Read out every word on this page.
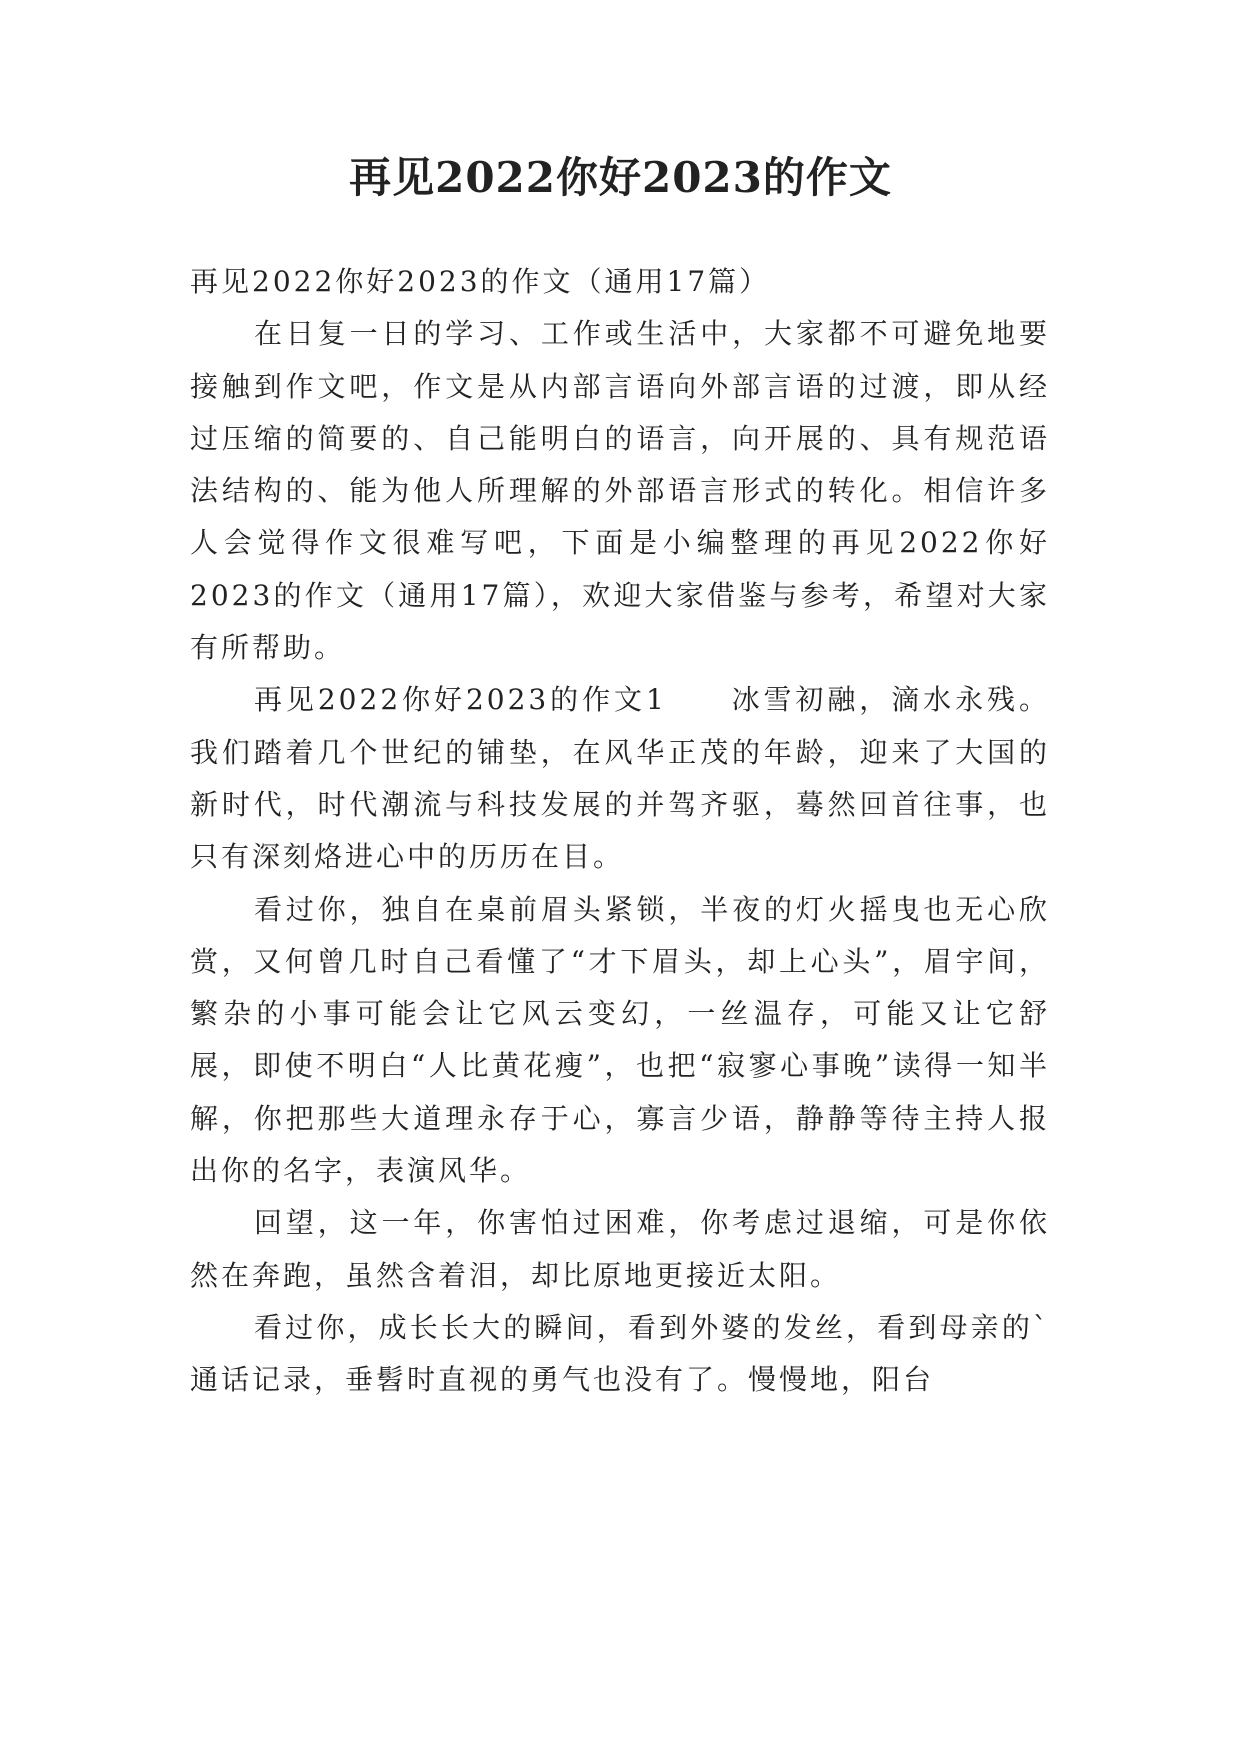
再见2022你好2023的作文

再见2022你好2023的作文（通用17篇）

在日复一日的学习、工作或生活中，大家都不可避免地要接触到作文吧，作文是从内部言语向外部言语的过渡，即从经过压缩的简要的、自己能明白的语言，向开展的、具有规范语法结构的、能为他人所理解的外部语言形式的转化。相信许多人会觉得作文很难写吧，下面是小编整理的再见2022你好2023的作文（通用17篇），欢迎大家借鉴与参考，希望对大家有所帮助。

再见2022你好2023的作文1　　冰雪初融，滴水永残。我们踏着几个世纪的铺垫，在风华正茂的年龄，迎来了大国的新时代，时代潮流与科技发展的并驾齐驱，蓦然回首往事，也只有深刻烙进心中的历历在目。

看过你，独自在桌前眉头紧锁，半夜的灯火摇曳也无心欣赏，又何曾几时自己看懂了“才下眉头，却上心头”，眉宇间，繁杂的小事可能会让它风云变幻，一丝温存，可能又让它舒展，即使不明白“人比黄花瘦”，也把“寂寥心事晚”读得一知半解，你把那些大道理永存于心，寡言少语，静静等待主持人报出你的名字，表演风华。

回望，这一年，你害怕过困难，你考虑过退缩，可是你依然在奔跑，虽然含着泪，却比原地更接近太阳。

看过你，成长长大的瞬间，看到外婆的发丝，看到母亲的`通话记录，垂髫时直视的勇气也没有了。慢慢地，阳台
